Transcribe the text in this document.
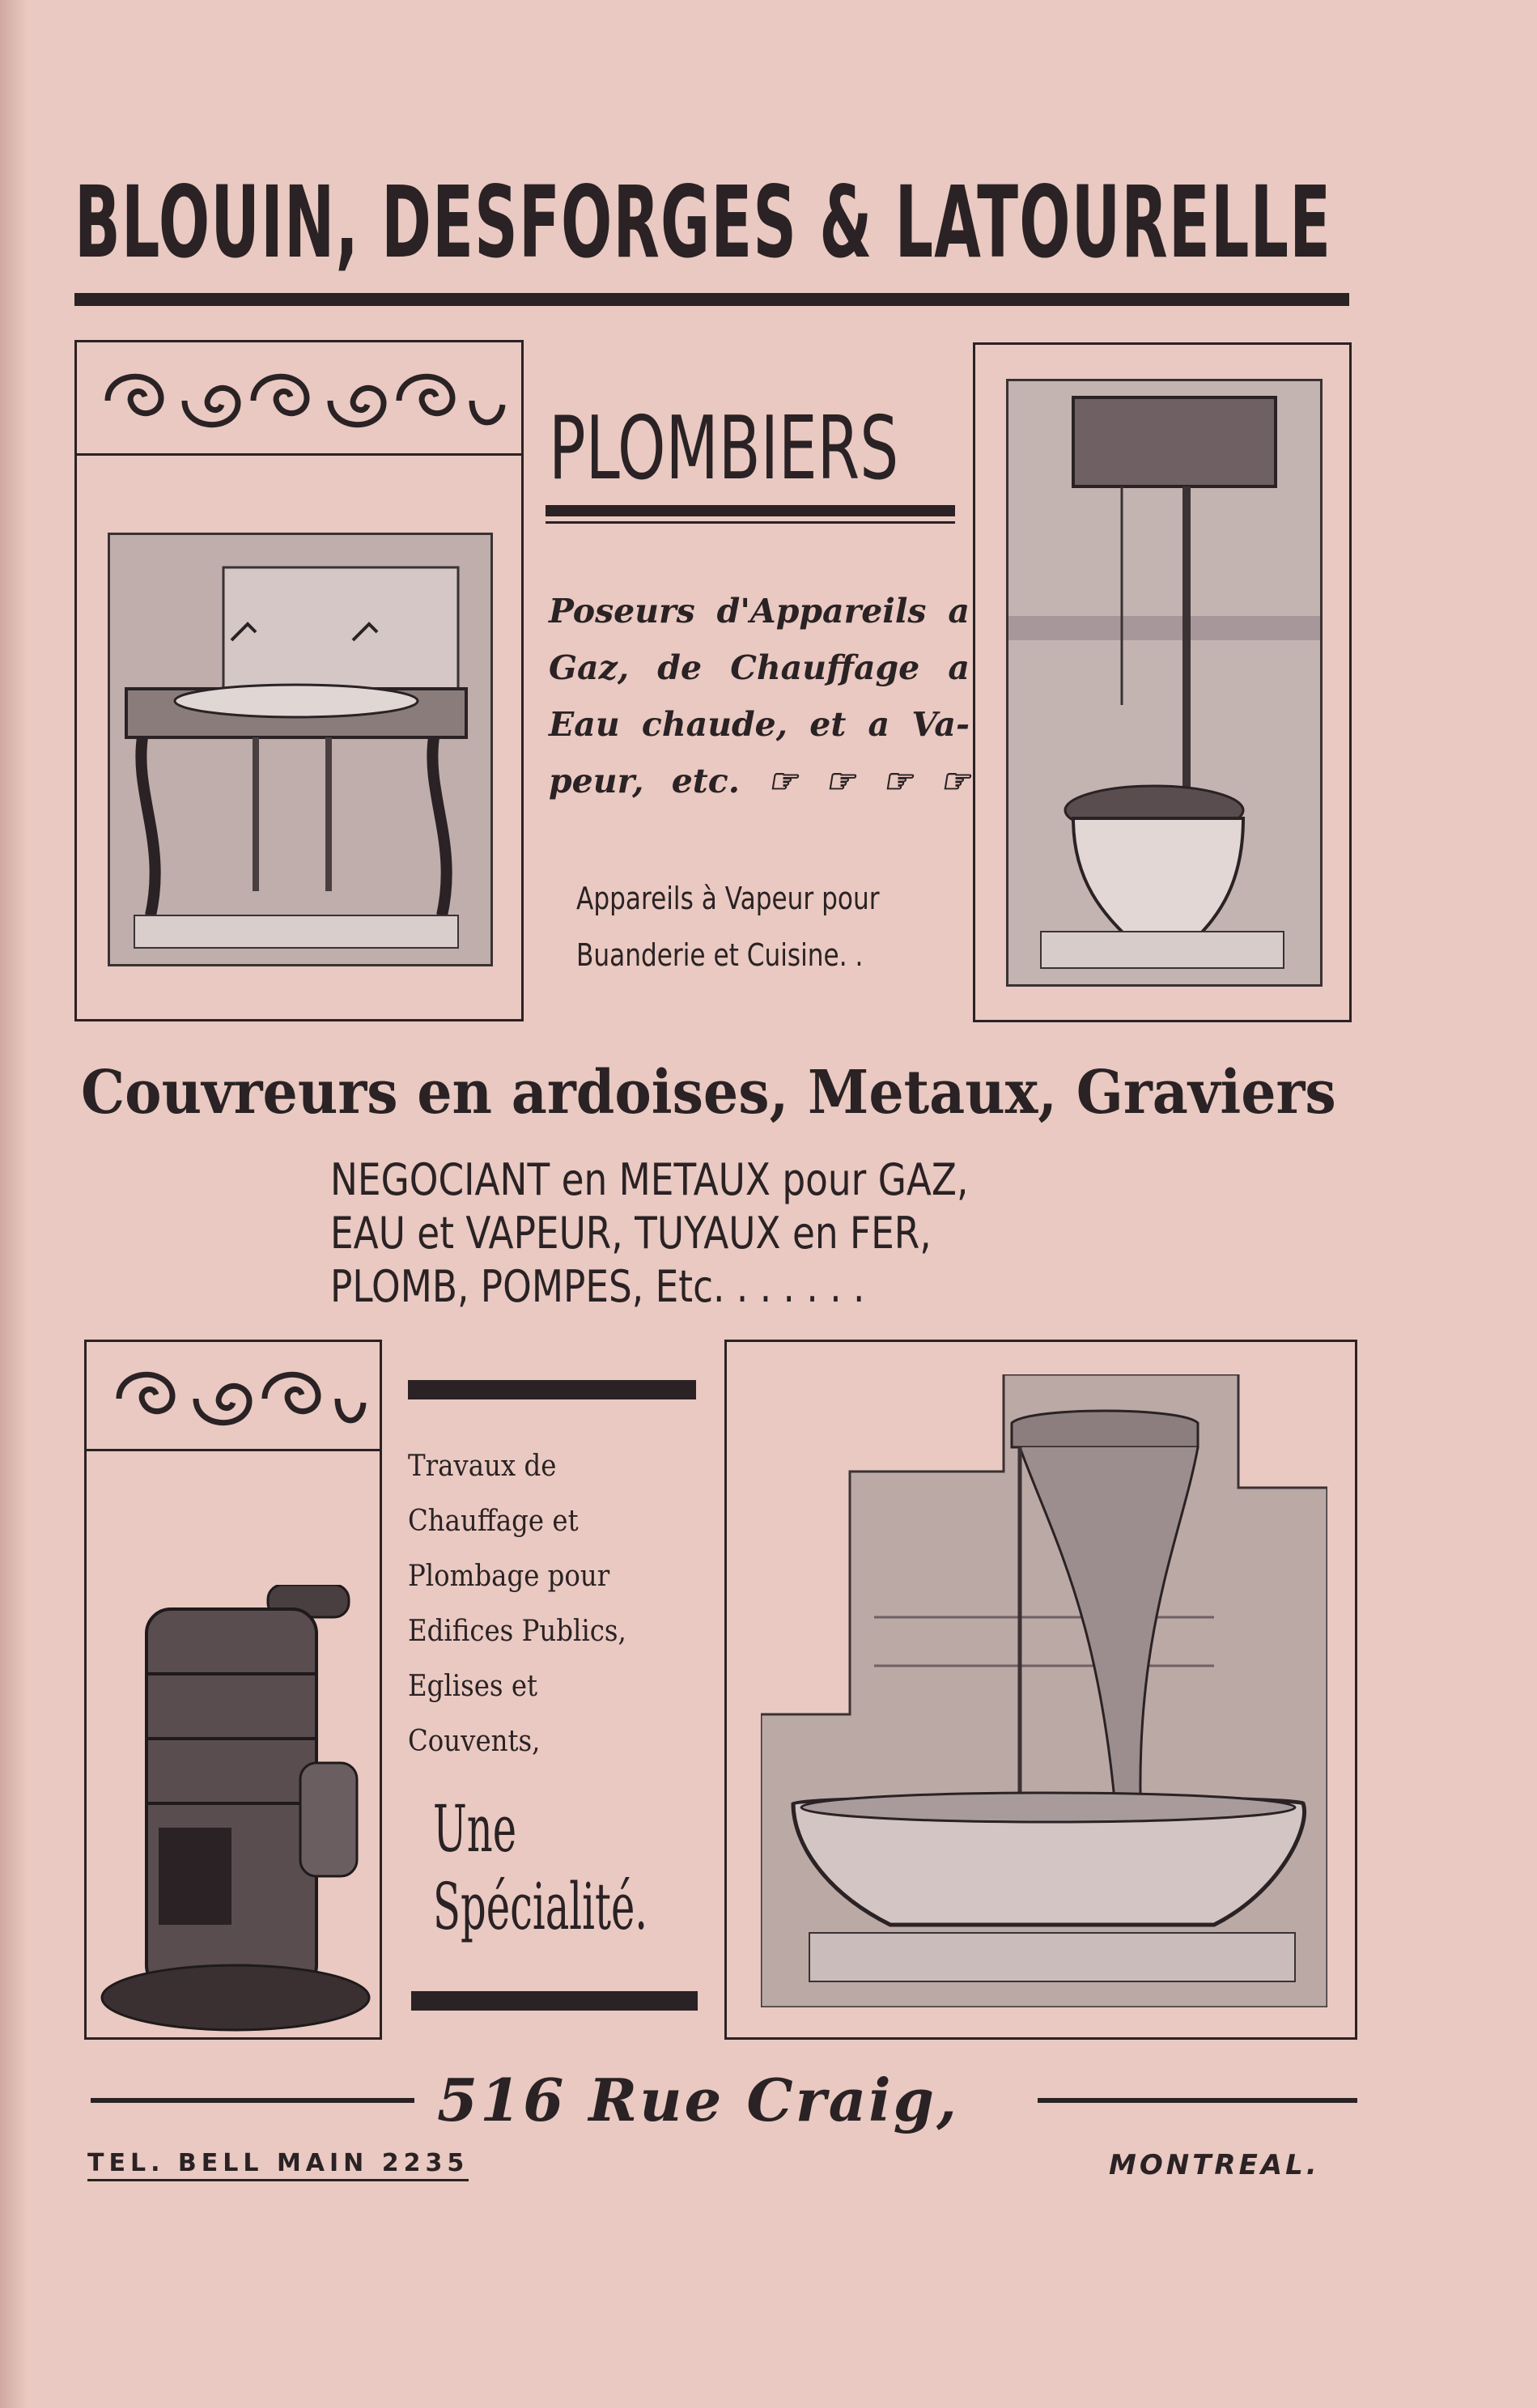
BLOUIN, DESFORGES & LATOURELLE
PLOMBIERS
Poseurs d'Appareils a
Gaz, de Chauffage a
Eau chaude, et a Va-
peur, etc. ☞ ☞ ☞ ☞
Appareils à Vapeur pour
Buanderie et Cuisine. .
Couvreurs en ardoises, Metaux, Graviers
NEGOCIANT en METAUX pour GAZ,
EAU et VAPEUR, TUYAUX en FER,
PLOMB, POMPES, Etc. . . . . . .
Travaux de
Chauffage et
Plombage pour
Edifices Publics,
Eglises et
Couvents,
Une
Spécialité.
516 Rue Craig,
TEL. BELL MAIN 2235	MONTREAL.
